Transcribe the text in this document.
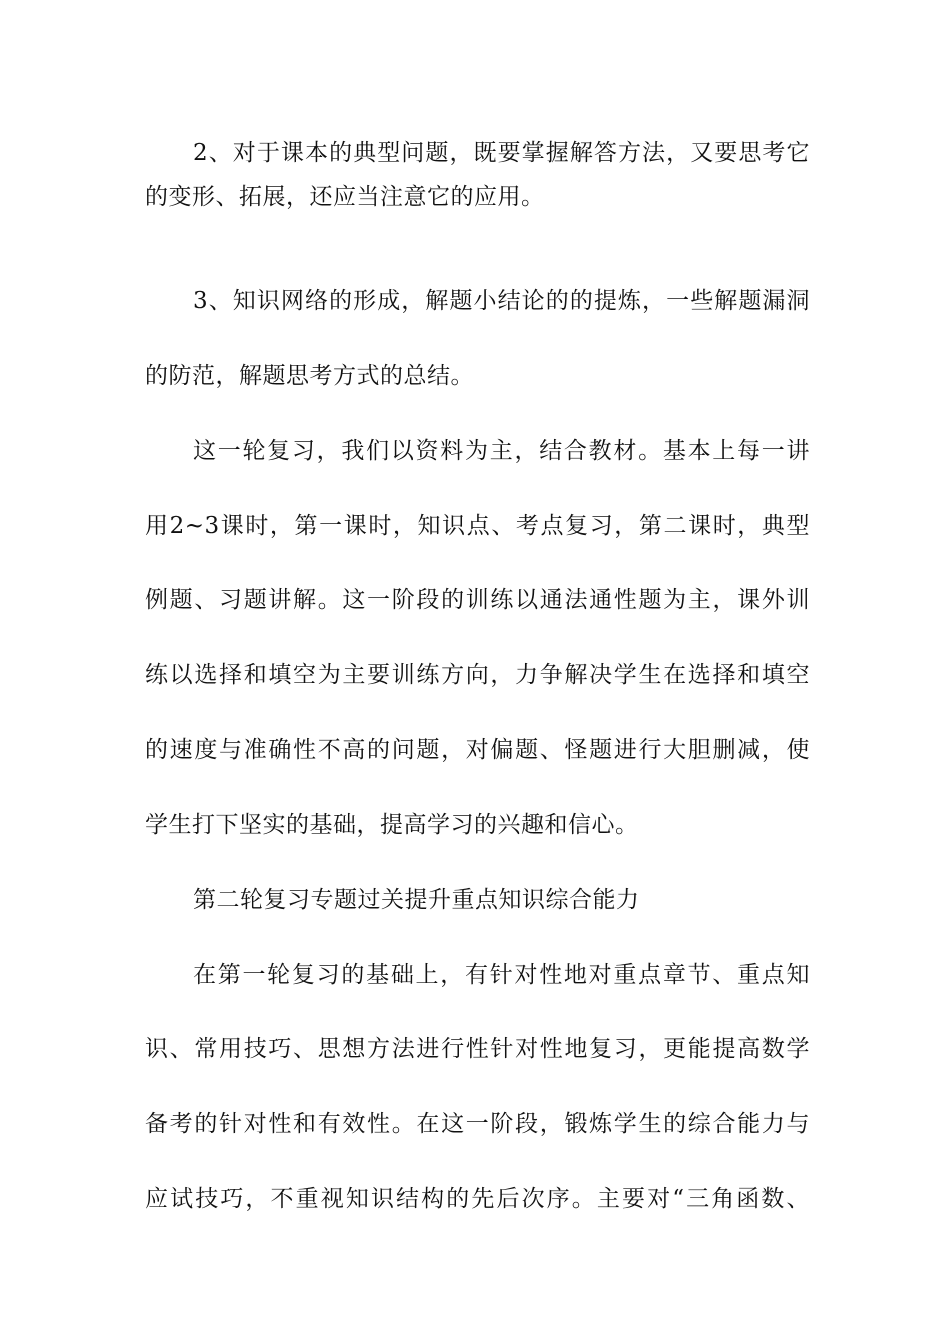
2、对于课本的典型问题，既要掌握解答方法，又要思考它
的变形、拓展，还应当注意它的应用。
3、知识网络的形成，解题小结论的的提炼，一些解题漏洞
的防范，解题思考方式的总结。
这一轮复习，我们以资料为主，结合教材。基本上每一讲
用2~3课时，第一课时，知识点、考点复习，第二课时，典型
例题、习题讲解。这一阶段的训练以通法通性题为主，课外训
练以选择和填空为主要训练方向，力争解决学生在选择和填空
的速度与准确性不高的问题，对偏题、怪题进行大胆删减，使
学生打下坚实的基础，提高学习的兴趣和信心。
第二轮复习专题过关提升重点知识综合能力
在第一轮复习的基础上，有针对性地对重点章节、重点知
识、常用技巧、思想方法进行性针对性地复习，更能提高数学
备考的针对性和有效性。在这一阶段，锻炼学生的综合能力与
应试技巧，不重视知识结构的先后次序。主要对“三角函数、
